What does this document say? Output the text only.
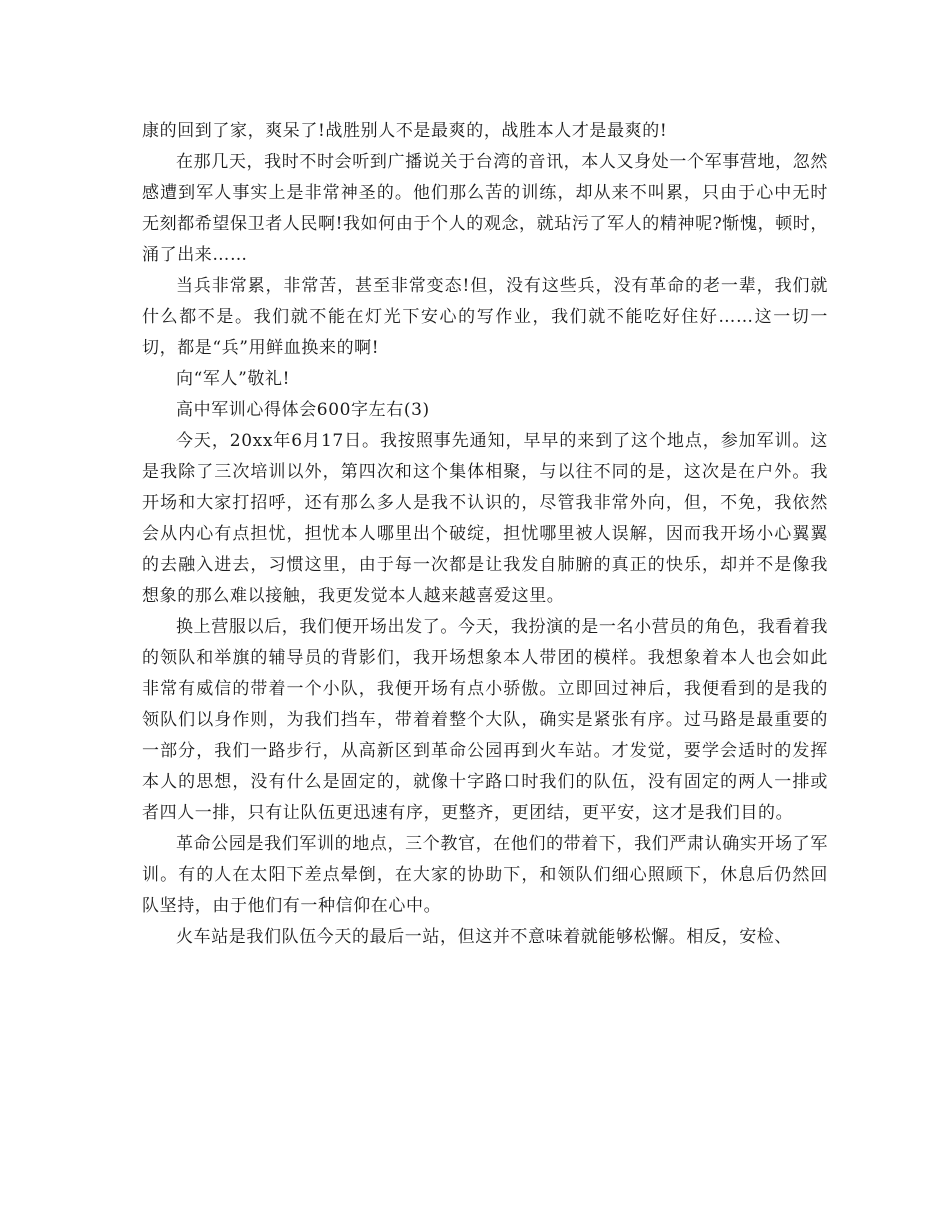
康的回到了家，爽呆了!战胜别人不是最爽的，战胜本人才是最爽的!

在那几天，我时不时会听到广播说关于台湾的音讯，本人又身处一个军事营地，忽然感遭到军人事实上是非常神圣的。他们那么苦的训练，却从来不叫累，只由于心中无时无刻都希望保卫者人民啊!我如何由于个人的观念，就玷污了军人的精神呢?惭愧，顿时，涌了出来……

当兵非常累，非常苦，甚至非常变态!但，没有这些兵，没有革命的老一辈，我们就什么都不是。我们就不能在灯光下安心的写作业，我们就不能吃好住好……这一切一切，都是“兵”用鲜血换来的啊!

向“军人”敬礼!

高中军训心得体会600字左右(3)

今天，20xx年6月17日。我按照事先通知，早早的来到了这个地点，参加军训。这是我除了三次培训以外，第四次和这个集体相聚，与以往不同的是，这次是在户外。我开场和大家打招呼，还有那么多人是我不认识的，尽管我非常外向，但，不免，我依然会从内心有点担忧，担忧本人哪里出个破绽，担忧哪里被人误解，因而我开场小心翼翼的去融入进去，习惯这里，由于每一次都是让我发自肺腑的真正的快乐，却并不是像我想象的那么难以接触，我更发觉本人越来越喜爱这里。

换上营服以后，我们便开场出发了。今天，我扮演的是一名小营员的角色，我看着我的领队和举旗的辅导员的背影们，我开场想象本人带团的模样。我想象着本人也会如此非常有威信的带着一个小队，我便开场有点小骄傲。立即回过神后，我便看到的是我的领队们以身作则，为我们挡车，带着着整个大队，确实是紧张有序。过马路是最重要的一部分，我们一路步行，从高新区到革命公园再到火车站。才发觉，要学会适时的发挥本人的思想，没有什么是固定的，就像十字路口时我们的队伍，没有固定的两人一排或者四人一排，只有让队伍更迅速有序，更整齐，更团结，更平安，这才是我们目的。

革命公园是我们军训的地点，三个教官，在他们的带着下，我们严肃认确实开场了军训。有的人在太阳下差点晕倒，在大家的协助下，和领队们细心照顾下，休息后仍然回队坚持，由于他们有一种信仰在心中。

火车站是我们队伍今天的最后一站，但这并不意味着就能够松懈。相反，安检、
